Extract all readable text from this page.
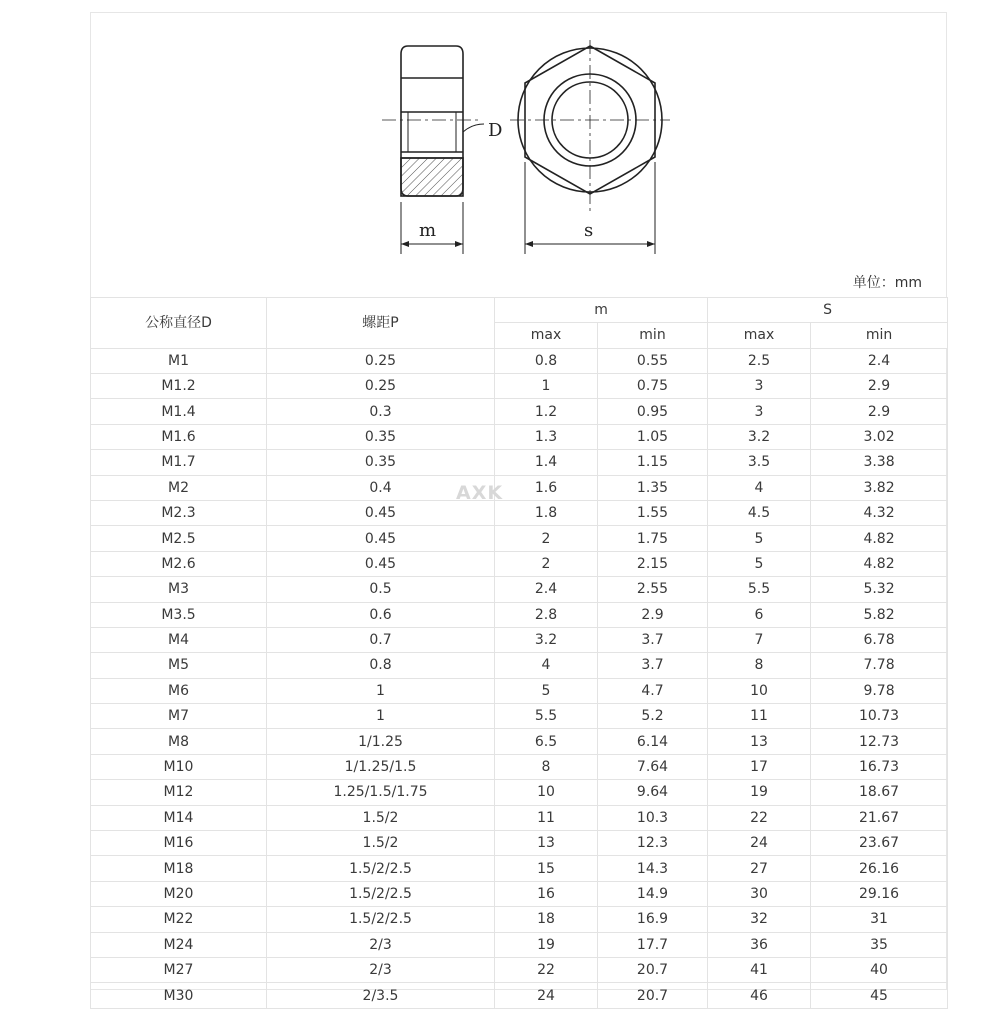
D
m	s
单位：mm
公称直径D	螺距P	m		S	
		max	min	max	min
M1	0.25	0.8	0.55	2.5	2.4
M1.2	0.25	1	0.75	3	2.9
M1.4	0.3	1.2	0.95	3	2.9
M1.6	0.35	1.3	1.05	3.2	3.02
M1.7	0.35	1.4	1.15	3.5	3.38
M2	0.4	1.6	1.35	4	3.82
M2.3	0.45	1.8	1.55	4.5	4.32
M2.5	0.45	2	1.75	5	4.82
M2.6	0.45	2	2.15	5	4.82
M3	0.5	2.4	2.55	5.5	5.32
M3.5	0.6	2.8	2.9	6	5.82
M4	0.7	3.2	3.7	7	6.78
M5	0.8	4	3.7	8	7.78
M6	1	5	4.7	10	9.78
M7	1	5.5	5.2	11	10.73
M8	1/1.25	6.5	6.14	13	12.73
M10	1/1.25/1.5	8	7.64	17	16.73
M12	1.25/1.5/1.75	10	9.64	19	18.67
M14	1.5/2	11	10.3	22	21.67
M16	1.5/2	13	12.3	24	23.67
M18	1.5/2/2.5	15	14.3	27	26.16
M20	1.5/2/2.5	16	14.9	30	29.16
M22	1.5/2/2.5	18	16.9	32	31
M24	2/3	19	17.7	36	35
M27	2/3	22	20.7	41	40
M30	2/3.5	24	20.7	46	45
AXK
